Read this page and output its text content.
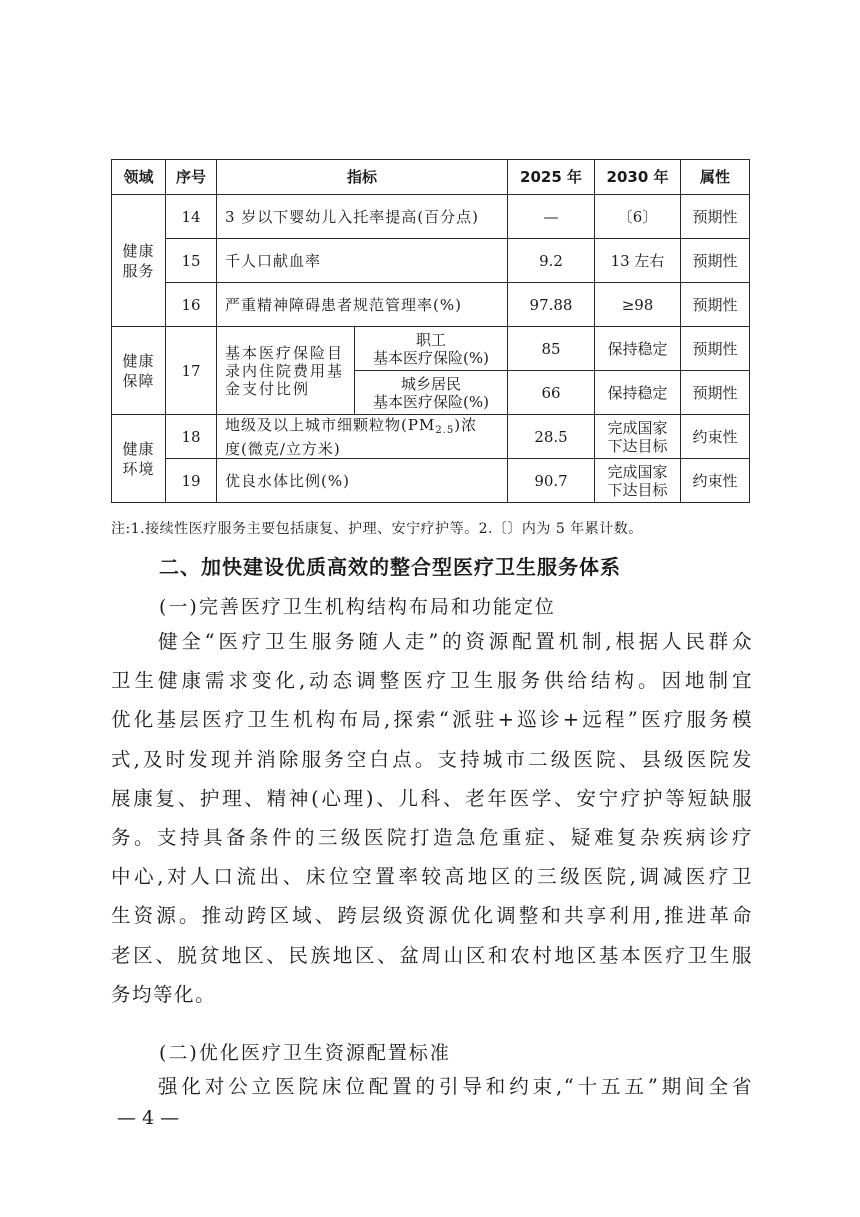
领域	序号	指标		2025 年	2030 年	属性

健康
服务	14	3 岁以下婴幼儿入托率提高(百分点)		—	〔6〕	预期性
	15	千人口献血率		9.2	13 左右	预期性
	16	严重精神障碍患者规范管理率(%)		97.88	≥98	预期性

健康
保障	17	基本医疗保险目
录内住院费用基
金支付比例	职工
基本医疗保险(%)	85	保持稳定	预期性

			城乡居民
基本医疗保险(%)	66	保持稳定	预期性

健康
环境	18	地级及以上城市细颗粒物$(PM_{2.5})$浓
度(微克/立方米)		28.5	完成国家
下达目标	约束性
	19	优良水体比例(%)		90.7	完成国家
下达目标	约束性
注:1.接续性医疗服务主要包括康复、护理、安宁疗护等。2.〔〕内为 5 年累计数。
二、加快建设优质高效的整合型医疗卫生服务体系
(一)完善医疗卫生机构结构布局和功能定位

健全“医疗卫生服务随人走”的资源配置机制,根据人民群众

卫生健康需求变化,动态调整医疗卫生服务供给结构。因地制宜

优化基层医疗卫生机构布局,探索“派驻+巡诊+远程”医疗服务模

式,及时发现并消除服务空白点。支持城市二级医院、县级医院发

展康复、护理、精神(心理)、儿科、老年医学、安宁疗护等短缺服

务。支持具备条件的三级医院打造急危重症、疑难复杂疾病诊疗

中心,对人口流出、床位空置率较高地区的三级医院,调减医疗卫

生资源。推动跨区域、跨层级资源优化调整和共享利用,推进革命

老区、脱贫地区、民族地区、盆周山区和农村地区基本医疗卫生服

务均等化。

(二)优化医疗卫生资源配置标准

强化对公立医院床位配置的引导和约束,“十五五”期间全省

— 4 —
